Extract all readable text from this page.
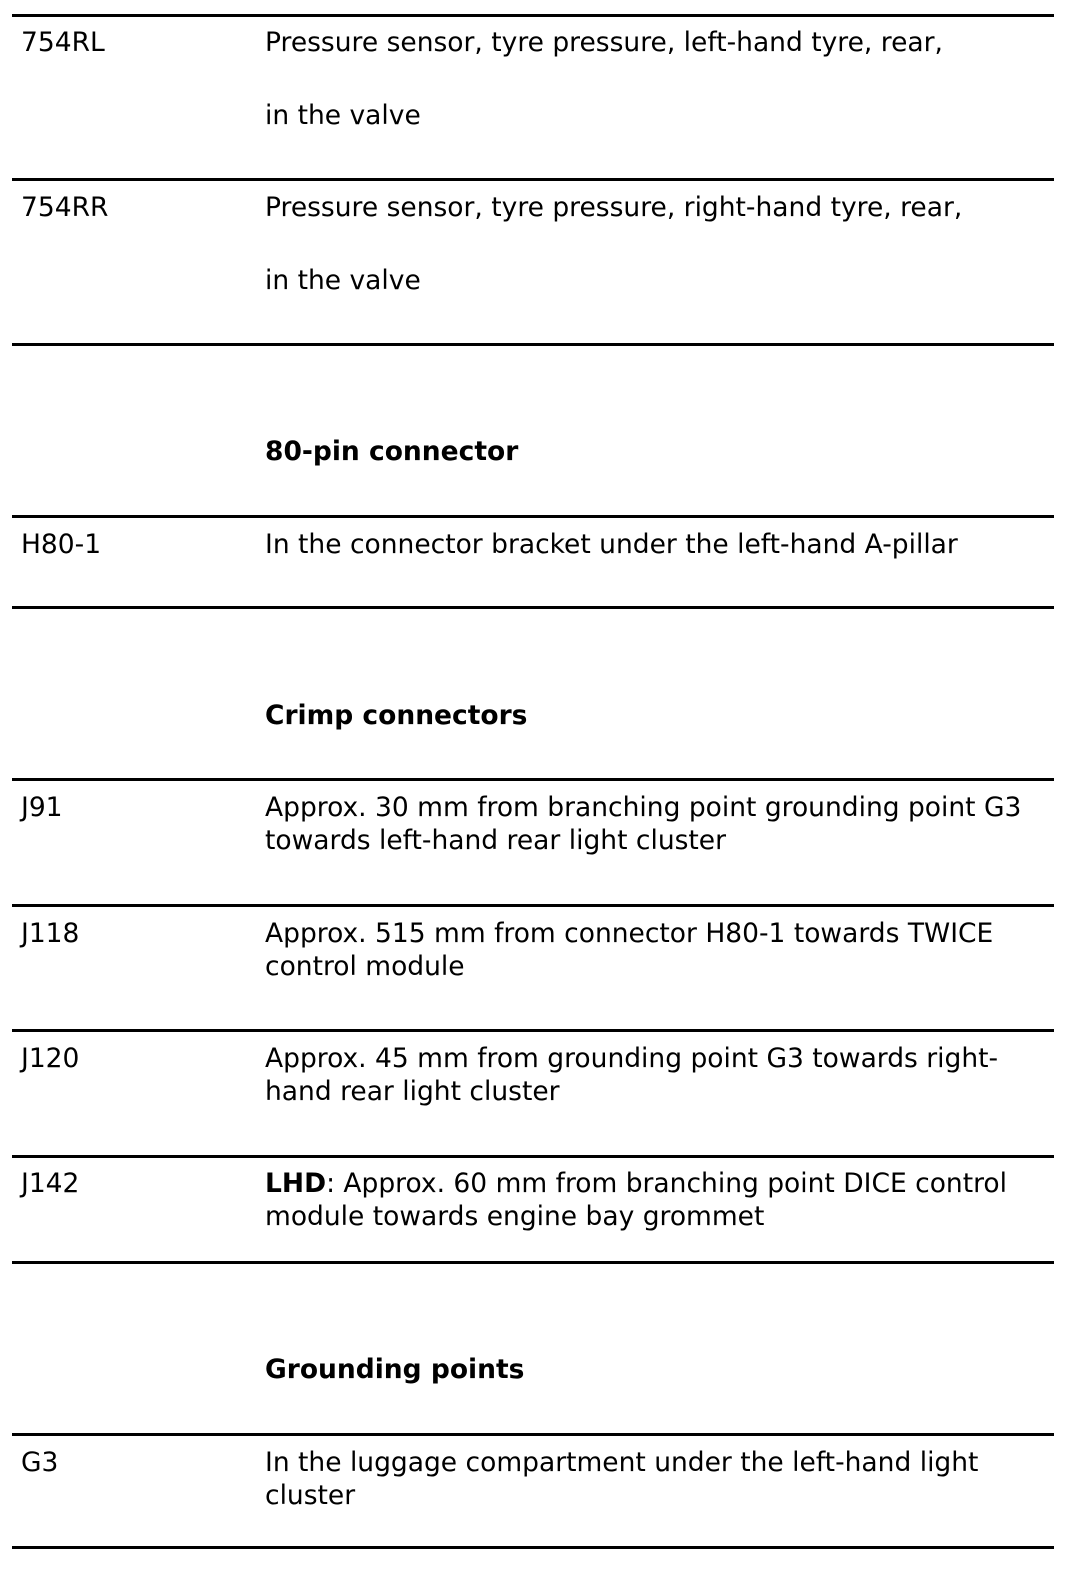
754RL	Pressure sensor, tyre pressure, left-hand tyre, rear,
in the valve
754RR	Pressure sensor, tyre pressure, right-hand tyre, rear,
in the valve
80-pin connector
H80-1	In the connector bracket under the left-hand A-pillar
Crimp connectors
J91	Approx. 30 mm from branching point grounding point G3 towards left-hand rear light cluster
J118	Approx. 515 mm from connector H80-1 towards TWICE control module
J120	Approx. 45 mm from grounding point G3 towards right-hand rear light cluster
J142	LHD: Approx. 60 mm from branching point DICE control module towards engine bay grommet
Grounding points
G3	In the luggage compartment under the left-hand light cluster
